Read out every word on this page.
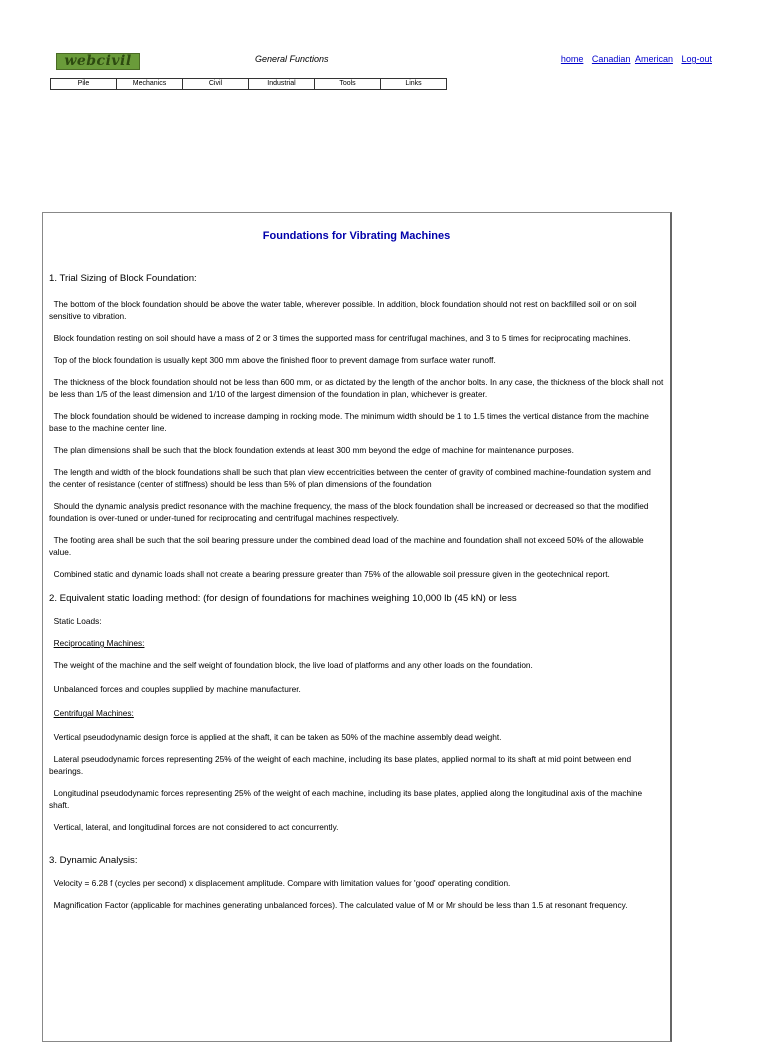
webcivil	General Functions	home Canadian American Log-out
Pile	Mechanics	Civil	Industrial	Tools	Links
Foundations for Vibrating Machines
1. Trial Sizing of Block Foundation:
The bottom of the block foundation should be above the water table, wherever possible. In addition, block foundation should not rest on backfilled soil or on soil sensitive to vibration.
Block foundation resting on soil should have a mass of 2 or 3 times the supported mass for centrifugal machines, and 3 to 5 times for reciprocating machines.
Top of the block foundation is usually kept 300 mm above the finished floor to prevent damage from surface water runoff.
The thickness of the block foundation should not be less than 600 mm, or as dictated by the length of the anchor bolts. In any case, the thickness of the block shall not be less than 1/5 of the least dimension and 1/10 of the largest dimension of the foundation in plan, whichever is greater.
The block foundation should be widened to increase damping in rocking mode. The minimum width should be 1 to 1.5 times the vertical distance from the machine base to the machine center line.
The plan dimensions shall be such that the block foundation extends at least 300 mm beyond the edge of machine for maintenance purposes.
The length and width of the block foundations shall be such that plan view eccentricities between the center of gravity of combined machine-foundation system and the center of resistance (center of stiffness) should be less than 5% of plan dimensions of the foundation
Should the dynamic analysis predict resonance with the machine frequency, the mass of the block foundation shall be increased or decreased so that the modified foundation is over-tuned or under-tuned for reciprocating and centrifugal machines respectively.
The footing area shall be such that the soil bearing pressure under the combined dead load of the machine and foundation shall not exceed 50% of the allowable value.
Combined static and dynamic loads shall not create a bearing pressure greater than 75% of the allowable soil pressure given in the geotechnical report.
2. Equivalent static loading method: (for design of foundations for machines weighing 10,000 lb (45 kN) or less
Static Loads:
Reciprocating Machines:
The weight of the machine and the self weight of foundation block, the live load of platforms and any other loads on the foundation.
Unbalanced forces and couples supplied by machine manufacturer.
Centrifugal Machines:
Vertical pseudodynamic design force is applied at the shaft, it can be taken as 50% of the machine assembly dead weight.
Lateral pseudodynamic forces representing 25% of the weight of each machine, including its base plates, applied normal to its shaft at mid point between end bearings.
Longitudinal pseudodynamic forces representing 25% of the weight of each machine, including its base plates, applied along the longitudinal axis of the machine shaft.
Vertical, lateral, and longitudinal forces are not considered to act concurrently.
3. Dynamic Analysis:
Velocity = 6.28 f (cycles per second) x displacement amplitude. Compare with limitation values for 'good' operating condition.
Magnification Factor (applicable for machines generating unbalanced forces). The calculated value of M or Mr should be less than 1.5 at resonant frequency.
